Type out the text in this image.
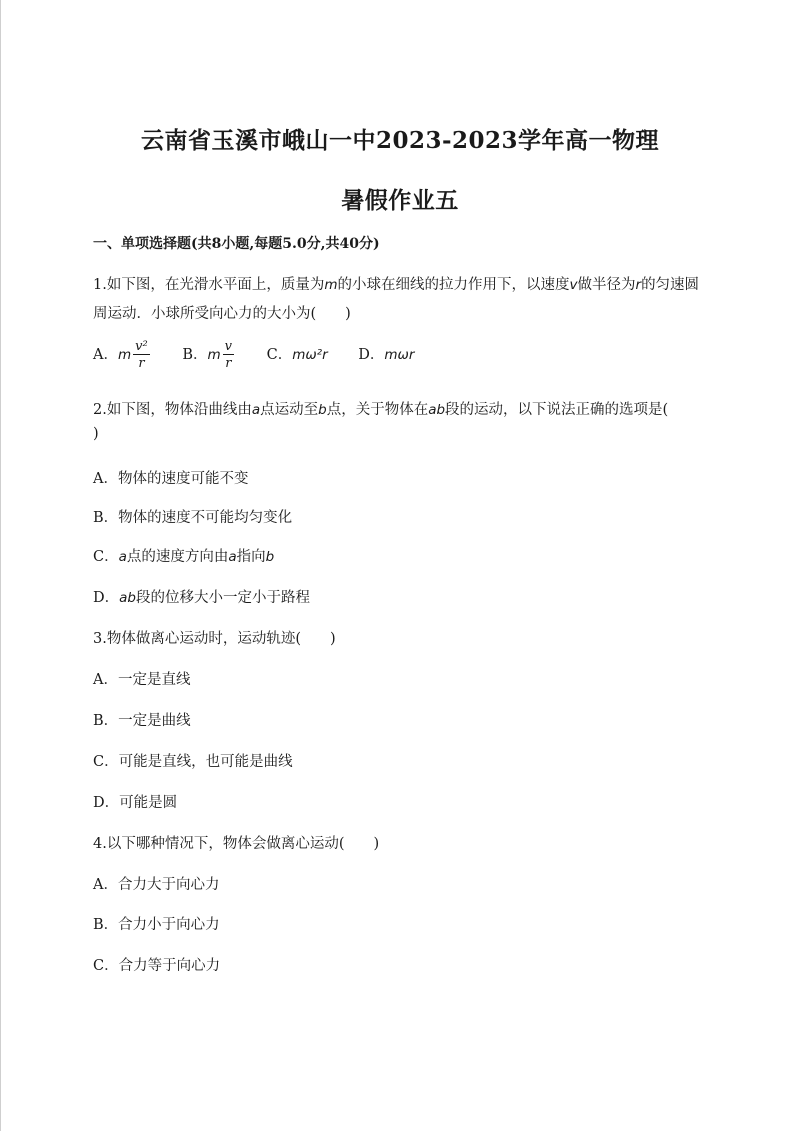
云南省玉溪市峨山一中2023-2023学年高一物理
暑假作业五
一、单项选择题(共8小题,每题5.0分,共40分)
1.如下图，在光滑水平面上，质量为m的小球在细线的拉力作用下，以速度v做半径为r的匀速圆
周运动．小球所受向心力的大小为(　　)
A．m $\frac{\text{v²}}{r}$ B．m $\frac{v}{r}$ C．mω²r D．mωr
2.如下图，物体沿曲线由a点运动至b点，关于物体在ab段的运动，以下说法正确的选项是(
)
A．物体的速度可能不变
B．物体的速度不可能均匀变化
C．a点的速度方向由a指向b
D．ab段的位移大小一定小于路程
3.物体做离心运动时，运动轨迹(　　)
A．一定是直线
B．一定是曲线
C．可能是直线，也可能是曲线
D．可能是圆
4.以下哪种情况下，物体会做离心运动(　　)
A．合力大于向心力
B．合力小于向心力
C．合力等于向心力
